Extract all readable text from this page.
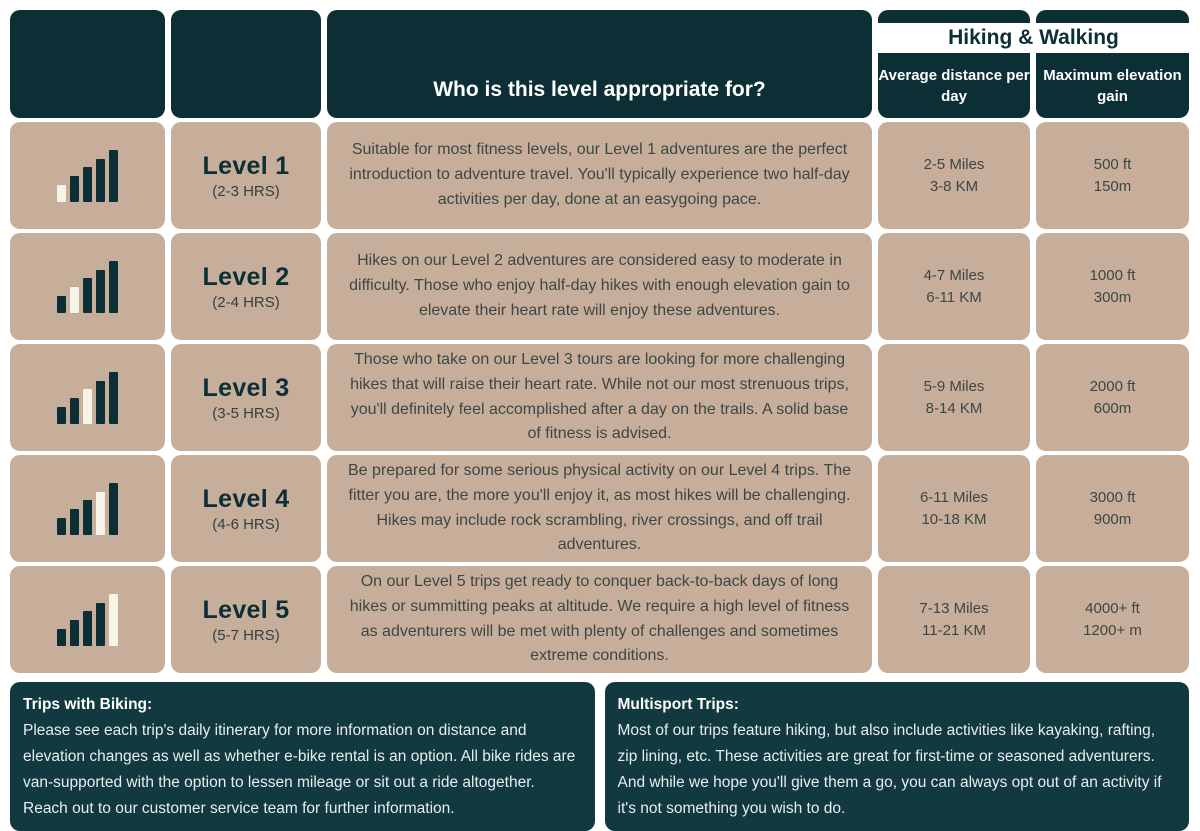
Who is this level appropriate for?
Average distance per day
Maximum elevation gain
Level 1
(2-3 HRS)

Suitable for most fitness levels, our Level 1 adventures are the perfect introduction to adventure travel. You'll typically experience two half-day activities per day, done at an easygoing pace.

2-5 Miles
3-8 KM
500 ft
150m
Level 2
(2-4 HRS)

Hikes on our Level 2 adventures are considered easy to moderate in difficulty. Those who enjoy half-day hikes with enough elevation gain to elevate their heart rate will enjoy these adventures.

4-7 Miles
6-11 KM
1000 ft
300m
Level 3
(3-5 HRS)

Those who take on our Level 3 tours are looking for more challenging hikes that will raise their heart rate. While not our most strenuous trips, you'll definitely feel accomplished after a day on the trails. A solid base of fitness is advised.

5-9 Miles
8-14 KM
2000 ft
600m
Level 4
(4-6 HRS)

Be prepared for some serious physical activity on our Level 4 trips. The fitter you are, the more you'll enjoy it, as most hikes will be challenging. Hikes may include rock scrambling, river crossings, and off trail adventures.

6-11 Miles
10-18 KM
3000 ft
900m
Level 5
(5-7 HRS)

On our Level 5 trips get ready to conquer back-to-back days of long hikes or summitting peaks at altitude. We require a high level of fitness as adventurers will be met with plenty of challenges and sometimes extreme conditions.

7-13 Miles
11-21 KM
4000+ ft
1200+ m
Hiking & Walking
Trips with Biking:
Please see each trip's daily itinerary for more information on distance and elevation changes as well as whether e-bike rental is an option. All bike rides are van-supported with the option to lessen mileage or sit out a ride altogether. Reach out to our customer service team for further information.
Multisport Trips:
Most of our trips feature hiking, but also include activities like kayaking, rafting, zip lining, etc. These activities are great for first-time or seasoned adventurers. And while we hope you'll give them a go, you can always opt out of an activity if it's not something you wish to do.
